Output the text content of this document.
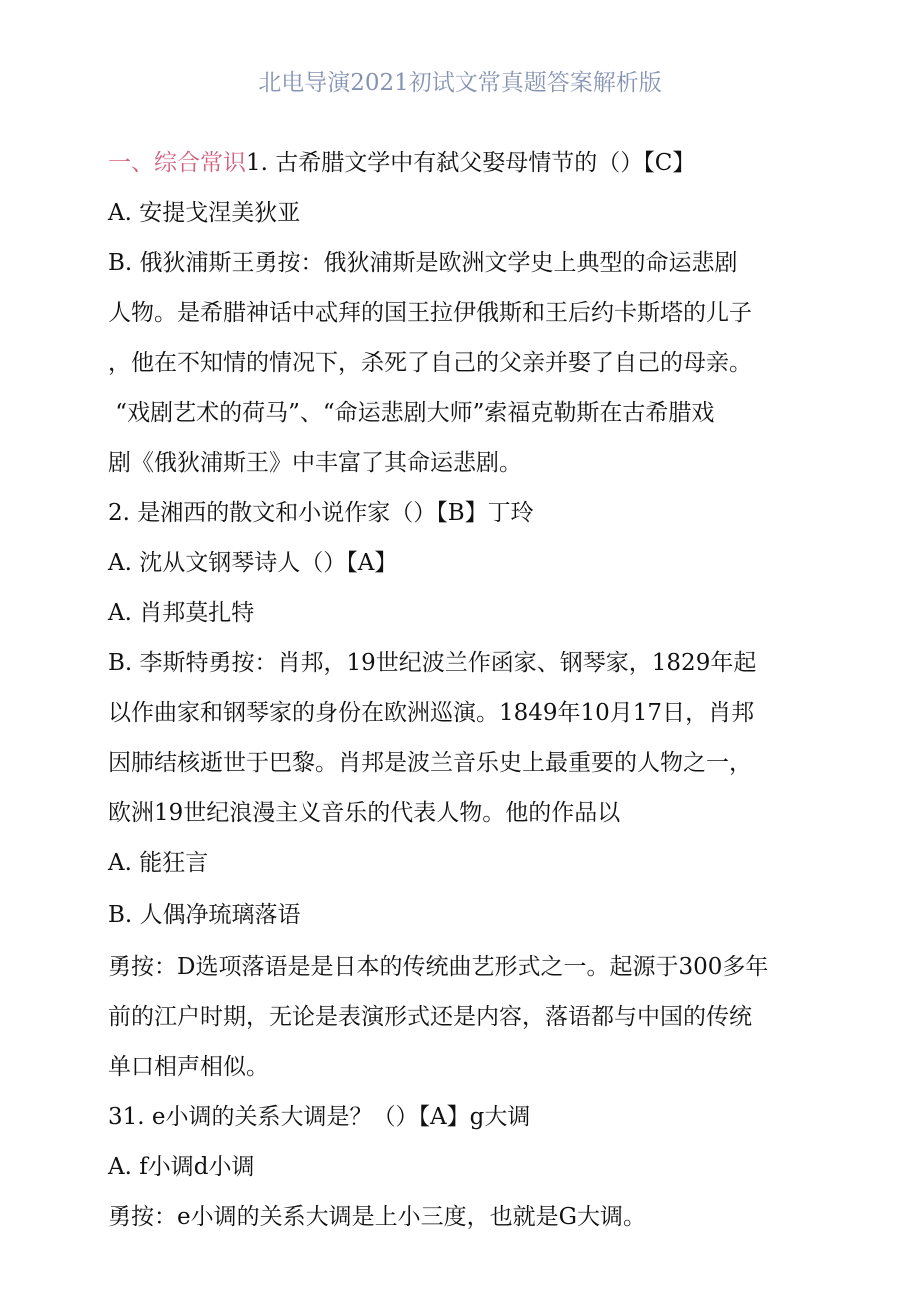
北电导演2021初试文常真题答案解析版
一、综合常识1. 古希腊文学中有弑父娶母情节的（）【C】
A. 安提戈涅美狄亚
B. 俄狄浦斯王勇按：俄狄浦斯是欧洲文学史上典型的命运悲剧
人物。是希腊神话中忒拜的国王拉伊俄斯和王后约卡斯塔的儿子
，他在不知情的情况下，杀死了自己的父亲并娶了自己的母亲。
“戏剧艺术的荷马”、“命运悲剧大师”索福克勒斯在古希腊戏
剧《俄狄浦斯王》中丰富了其命运悲剧。
2. 是湘西的散文和小说作家（）【B】丁玲
A. 沈从文钢琴诗人（）【A】
A. 肖邦莫扎特
B. 李斯特勇按：肖邦，19世纪波兰作函家、钢琴家，1829年起
以作曲家和钢琴家的身份在欧洲巡演。1849年10月17日，肖邦
因肺结核逝世于巴黎。肖邦是波兰音乐史上最重要的人物之一，
欧洲19世纪浪漫主义音乐的代表人物。他的作品以
A. 能狂言
B. 人偶净琉璃落语
勇按：D选项落语是是日本的传统曲艺形式之一。起源于300多年
前的江户时期，无论是表演形式还是内容，落语都与中国的传统
单口相声相似。
31. e小调的关系大调是？（）【A】g大调
A. f小调d小调
勇按：e小调的关系大调是上小三度，也就是G大调。
